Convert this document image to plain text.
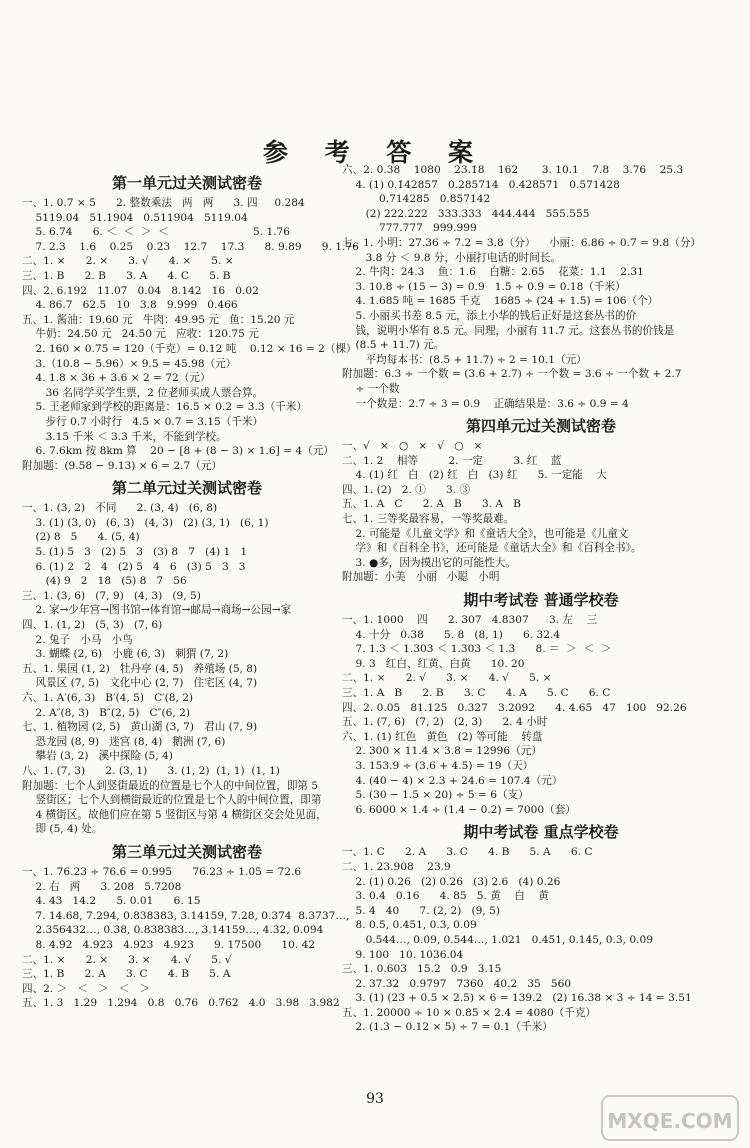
参 考 答 案
第一单元过关测试密卷
一、1. 0.7 × 5      2. 整数乘法   两   两      3. 四     0.284
5119.04   51.1904   0.511904   5119.04
5. 6.74      6. ＜  ＜  ＞  ＜                         5. 1.76
7. 2.3    1.6    0.25    0.23    12.7    17.3      8. 9.89      9. 1.76
二、1. ×      2. ×      3. √      4. ×      5. ×
三、1. B      2. B      3. A      4. C      5. B
四、2. 6.192   11.07   0.04   8.142   16   0.02
4. 86.7   62.5   10   3.8   9.999   0.466
五、1. 酱油：19.60 元   牛肉：49.95 元   鱼：15.20 元
牛奶：24.50 元   24.50 元   应收：120.75 元
2. 160 × 0.75 = 120（千克）= 0.12 吨    0.12 × 16 = 2（棵）
3.（10.8 − 5.96）× 9.5 = 45.98（元）
4. 1.8 × 36 + 3.6 × 2 = 72（元）
36 名同学买学生票，2 位老师买成人票合算。
5. 王老师家到学校的距离是：16.5 × 0.2 = 3.3（千米）
步行 0.7 小时行   4.5 × 0.7 = 3.15（千米）
3.15 千米 ＜ 3.3 千米，不能到学校。
6. 7.6km 按 8km 算    20 − [8 + (8 − 3) × 1.6] = 4（元）
附加题：(9.58 − 9.13) × 6 = 2.7（元）
第二单元过关测试密卷
一、1. (3, 2)   不同      2. (3, 4)   (6, 8)
3. (1) (3, 0)   (6, 3)   (4, 3)   (2) (3, 1)   (6, 1)
(2) 8   5      4. (5, 4)
5. (1) 5   3   (2) 5   3   (3) 8   7   (4) 1   1
6. (1) 2   2   4   (2) 5   4   6   (3) 5   3   3
(4) 9   2   18   (5) 8   7   56
三、1. (3, 6)   (7, 9)   (4, 3)   (9, 5)
2. 家→少年宫→图书馆→体育馆→邮局→商场→公园→家
四、1. (1, 2)   (5, 3)   (7, 6)
2. 兔子   小马   小鸟
3. 蝴蝶 (2, 6)   小鹿 (6, 3)   刺猬 (7, 2)
五、1. 果园 (1, 2)   牡丹亭 (4, 5)   养殖场 (5, 8)
风景区 (7, 5)   文化中心 (2, 7)   住宅区 (4, 7)
六、1. A′(6, 3)   B′(4, 5)   C′(8, 2)
2. A″(8, 3)   B″(2, 5)   C″(6, 2)
七、1. 植物园 (2, 5)   黄山湖 (3, 7)   君山 (7, 9)
恐龙园 (8, 9)   迷宫 (8, 4)   鹅洲 (7, 6)
攀岩 (3, 2)   溪中探险 (5, 4)
八、1. (7, 3)      2. (3, 1)      3. (1, 2)  (1, 1)  (1, 1)
附加题：七个人到竖街最近的位置是七个人的中间位置，即第 5
竖街区；七个人到横街最近的位置是七个人的中间位置，即第
4 横街区。故他们应在第 5 竖街区与第 4 横街区交会处见面，
即 (5, 4) 处。
第三单元过关测试密卷
一、1. 76.23 ÷ 76.6 = 0.995      76.23 ÷ 1.05 = 72.6
2. 右   两      3. 208   5.72̇08
4. 43   14.2      5. 0.01      6. 15
7. 14.68, 7.294, 0.838383, 3.14159, 7.28, 0.374  8.3737…,
2.356432…, 0.3̇8, 0.838383…, 3.14159…, 4.3̇2, 0.0̇94
8. 4.9̇2   4.923   4.92̇3   4.923      9. 17500      10. 42
二、1. ×      2. ×      3. ×      4. √      5. √
三、1. B      2. A      3. C      4. B      5. A
四、2. ＞   ＜   ＞   ＜   ＞
五、1. 3   1.29   1.294   0.8   0.76   0.762   4.0   3.98   3.982
六、2. 0.38    1080    23.1̇8    162       3. 10.1    7.8    3.76    25.3
4. (1) 0.1̇42857̇   0.285714̇   0.42857̇1   0.5̇71428̇
0.714285̇   0.857142̇
(2) 222.222   333.333   444.444   555.555
777.777   999.999
七、1. 小明：27.36 ÷ 7.2 = 3.8（分）    小丽：6.86 ÷ 0.7 = 9.8（分）
3.8 分 ＜ 9.8 分，小丽打电话的时间长。
2. 牛肉：24.3    鱼：1.6    白糖：2.65    花菜：1.1    2.31
3. 10.8 ÷ (15 − 3) = 0.9   1.5 ÷ 0.9 = 0.18（千米）
4. 1.685 吨 = 1685 千克    1685 ÷ (24 + 1.5) = 106（个）
5. 小丽买书差 8.5 元，添上小华的钱后正好是这套丛书的价
钱，说明小华有 8.5 元。同理，小丽有 11.7 元。这套丛书的价钱是
(8.5 + 11.7) 元。
平均每本书：(8.5 + 11.7) ÷ 2 = 10.1（元）
附加题：6.3 ÷ 一个数 = (3.6 + 2.7) ÷ 一个数 = 3.6 ÷ 一个数 + 2.7
÷ 一个数
一个数是：2.7 ÷ 3 = 0.9    正确结果是：3.6 ÷ 0.9 = 4
第四单元过关测试密卷
一、√   ×   ○   ×   √   ○   ×
二、1. 2    相等         2. 一定         3. 红    蓝
4. (1) 红   白   (2) 红   白   (3) 红      5. 一定能    大
四、1. (2)   2. ①      3. ③
五、1. A   C      2. A   B      3. A   B
七、1. 三等奖最容易，一等奖最难。
2. 可能是《儿童文学》和《童话大全》，也可能是《儿童文
学》和《百科全书》，还可能是《童话大全》和《百科全书》。
3. ●多，因为摸出它的可能性大。
附加题：小美   小丽   小聪   小明
期中考试卷 普通学校卷
一、1. 1000    四      2. 307   4.8̇307      3. 左    三
4. 十分   0.38      5. 8   (8, 1)      6. 32.4
7. 1.3 ＜ 1.303 ＜ 1.3̇03 ＜ 1.3̇      8. ＝  ＞  ＜  ＞
9. 3   红白、红黄、白黄      10. 20
二、1. ×      2. √      3. ×      4. √      5. ×
三、1. A   B      2. B      3. C      4. A      5. C      6. C
四、2. 0.05   81.125   0.32̇7   3.2092      4. 4.65   47   100   92.26
五、1. (7, 6)   (7, 2)   (2, 3)      2. 4 小时
六、1. (1) 红色   黄色   (2) 等可能    转盘
2. 300 × 11.4 × 3.8 = 12996（元）
3. 153.9 ÷ (3.6 + 4.5) = 19（天）
4. (40 − 4) × 2.3 + 24.6 = 107.4（元）
5. (30 − 1.5 × 20) ÷ 5 = 6（支）
6. 6000 × 1.4 ÷ (1.4 − 0.2) = 7000（套）
期中考试卷 重点学校卷
一、1. C      2. A      3. C      4. B      5. A      6. C
二、1. 23.908    23.9
2. (1) 0.26   (2) 0.26   (3) 2.6   (4) 0.26
3. 0.4   0.16      4. 85   5. 黄    白    黄
5. 4   40      7. (2, 2)   (9, 5)
8. 0.5, 0.451, 0.3, 0.0̇9
0.544…, 0.0̇9, 0.544…, 1.021   0.451, 0.145, 0.3, 0.0̇9
9. 100   10. 1036.04
三、1. 0.603   15.2   0.9   3.15
2. 37.32   0.9797   7360   40.2   35   560
3. (1) (23 + 0.5 × 2.5) × 6 = 139.2   (2) 16.38 × 3 ÷ 14 = 3.51
五、1. 20000 ÷ 10 × 0.85 × 2.4 = 4080（千克）
2. (1.3 − 0.12 × 5) ÷ 7 = 0.1（千米）
93
MXQE.COM
